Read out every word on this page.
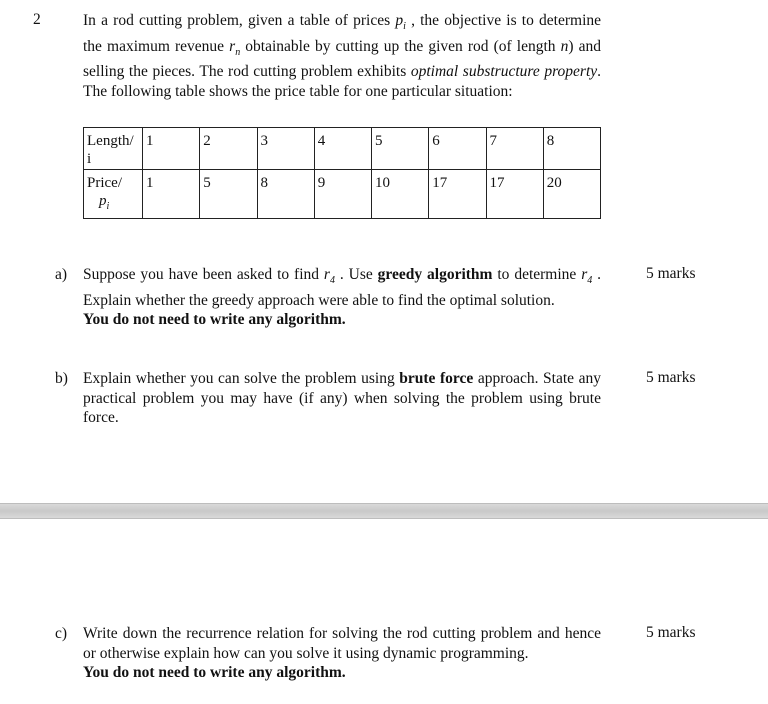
2	In a rod cutting problem, given a table of prices $p_i$ , the objective is to determine the maximum revenue $r_n$ obtainable by cutting up the given rod (of length n) and selling the pieces. The rod cutting problem exhibits optimal substructure property. The following table shows the price table for one particular situation:
Length/ i	1	2	3	4	5	6	7	8
Price/
$p_i$	1	5	8	9	10	17	17	20
a) Suppose you have been asked to find $r_4$ . Use greedy algorithm to determine $r_4$ . Explain whether the greedy approach were able to find the optimal solution.
You do not need to write any algorithm.
5 marks
b) Explain whether you can solve the problem using brute force approach. State any practical problem you may have (if any) when solving the problem using brute force.
5 marks
c) Write down the recurrence relation for solving the rod cutting problem and hence or otherwise explain how can you solve it using dynamic programming.
You do not need to write any algorithm.
5 marks
